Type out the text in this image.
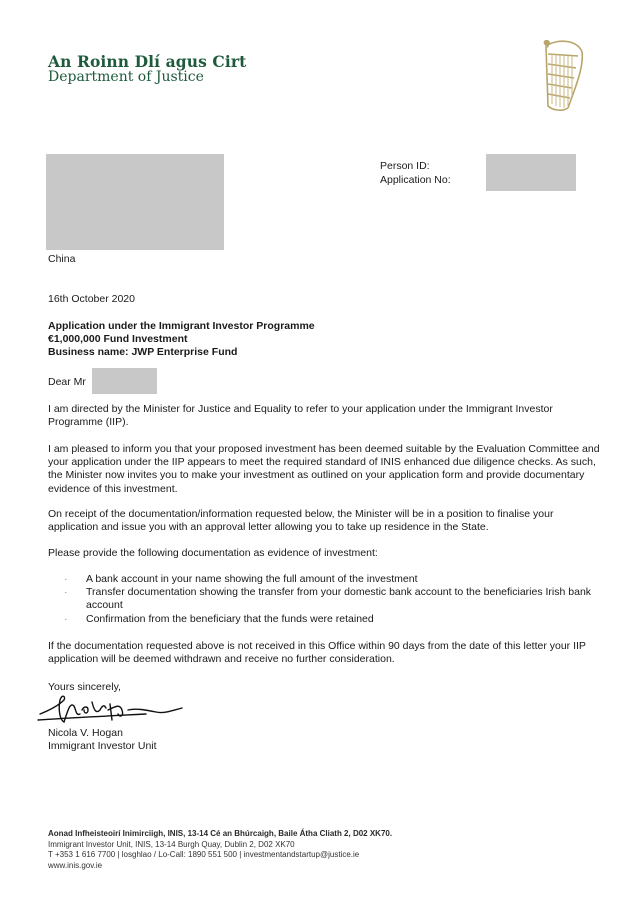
An Roinn Dlí agus Cirt
Department of Justice
China
Person ID:
Application No:
16th October 2020
Application under the Immigrant Investor Programme
€1,000,000 Fund Investment
Business name: JWP Enterprise Fund
Dear Mr
I am directed by the Minister for Justice and Equality to refer to your application under the Immigrant Investor Programme (IIP).
I am pleased to inform you that your proposed investment has been deemed suitable by the Evaluation Committee and your application under the IIP appears to meet the required standard of INIS enhanced due diligence checks. As such, the Minister now invites you to make your investment as outlined on your application form and provide documentary evidence of this investment.
On receipt of the documentation/information requested below, the Minister will be in a position to finalise your application and issue you with an approval letter allowing you to take up residence in the State.
Please provide the following documentation as evidence of investment:
· A bank account in your name showing the full amount of the investment
· Transfer documentation showing the transfer from your domestic bank account to the beneficiaries Irish bank account
· Confirmation from the beneficiary that the funds were retained
If the documentation requested above is not received in this Office within 90 days from the date of this letter your IIP application will be deemed withdrawn and receive no further consideration.
Yours sincerely,
Nicola V. Hogan
Immigrant Investor Unit
Aonad Infheisteoirí Inimirciigh, INIS, 13-14 Cé an Bhúrcaigh, Baile Átha Cliath 2, D02 XK70.
Immigrant Investor Unit, INIS, 13-14 Burgh Quay, Dublin 2, D02 XK70
T +353 1 616 7700 | losghlao / Lo-Call: 1890 551 500 | investmentandstartup@justice.ie
www.inis.gov.ie
